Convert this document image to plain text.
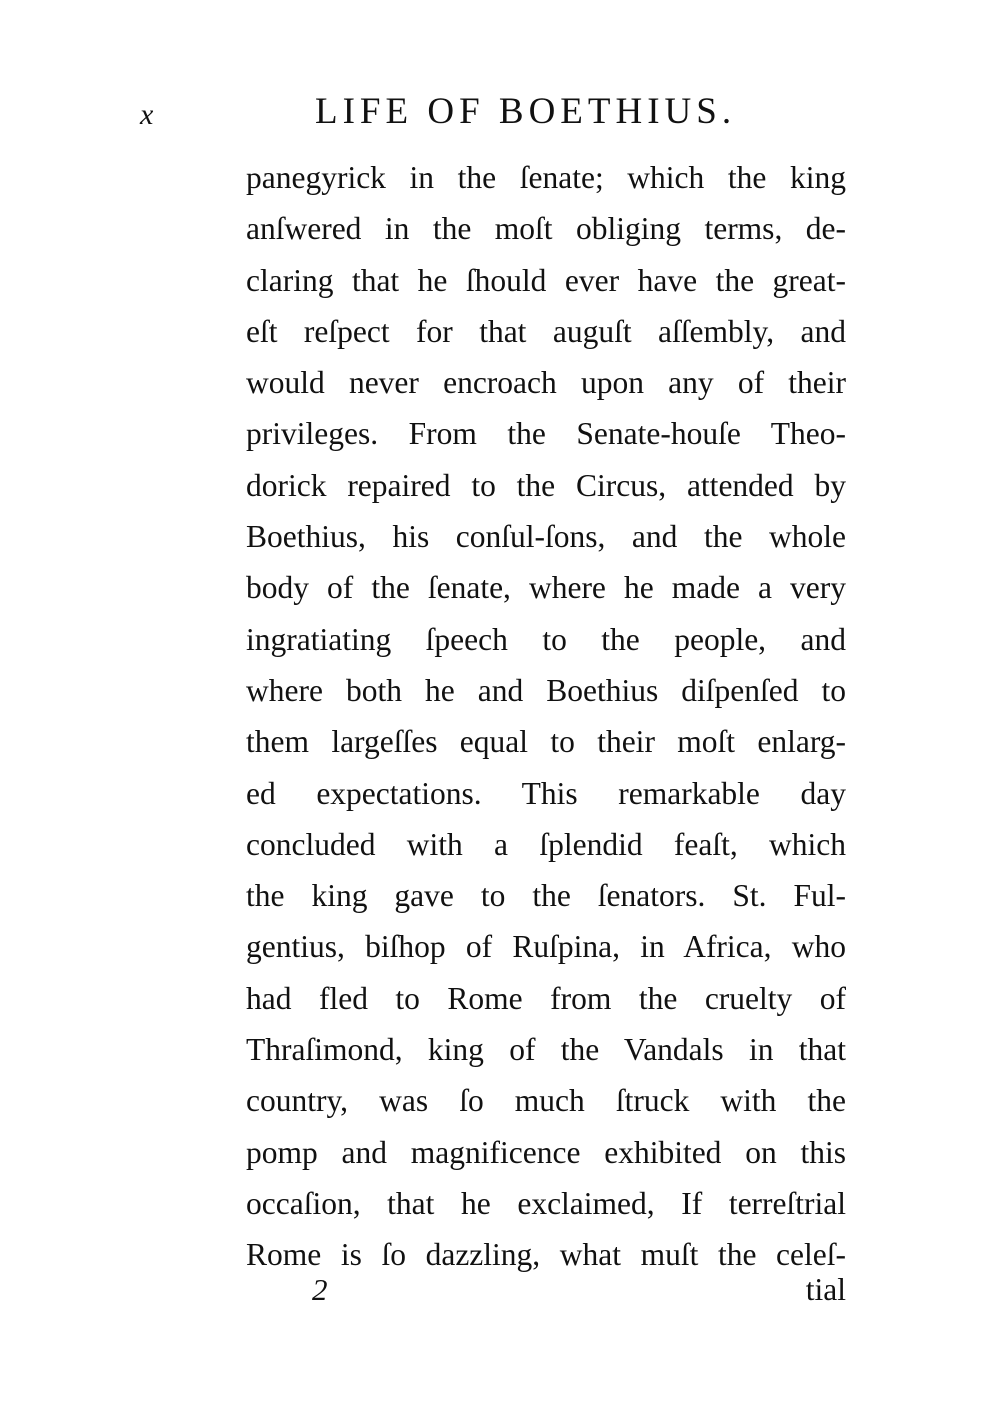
x	LIFE OF BOETHIUS.
panegyrick in the ſenate; which the king
anſwered in the moſt obliging terms, de-
claring that he ſhould ever have the great-
eſt reſpect for that auguſt aſſembly, and
would never encroach upon any of their
privileges. From the Senate-houſe Theo-
dorick repaired to the Circus, attended by
Boethius, his conſul-ſons, and the whole
body of the ſenate, where he made a very
ingratiating ſpeech to the people, and
where both he and Boethius diſpenſed to
them largeſſes equal to their moſt enlarg-
ed expectations. This remarkable day
concluded with a ſplendid feaſt, which
the king gave to the ſenators. St. Ful-
gentius, biſhop of Ruſpina, in Africa, who
had fled to Rome from the cruelty of
Thraſimond, king of the Vandals in that
country, was ſo much ſtruck with the
pomp and magnificence exhibited on this
occaſion, that he exclaimed, If terreſtrial
Rome is ſo dazzling, what muſt the celeſ-
2	tial
